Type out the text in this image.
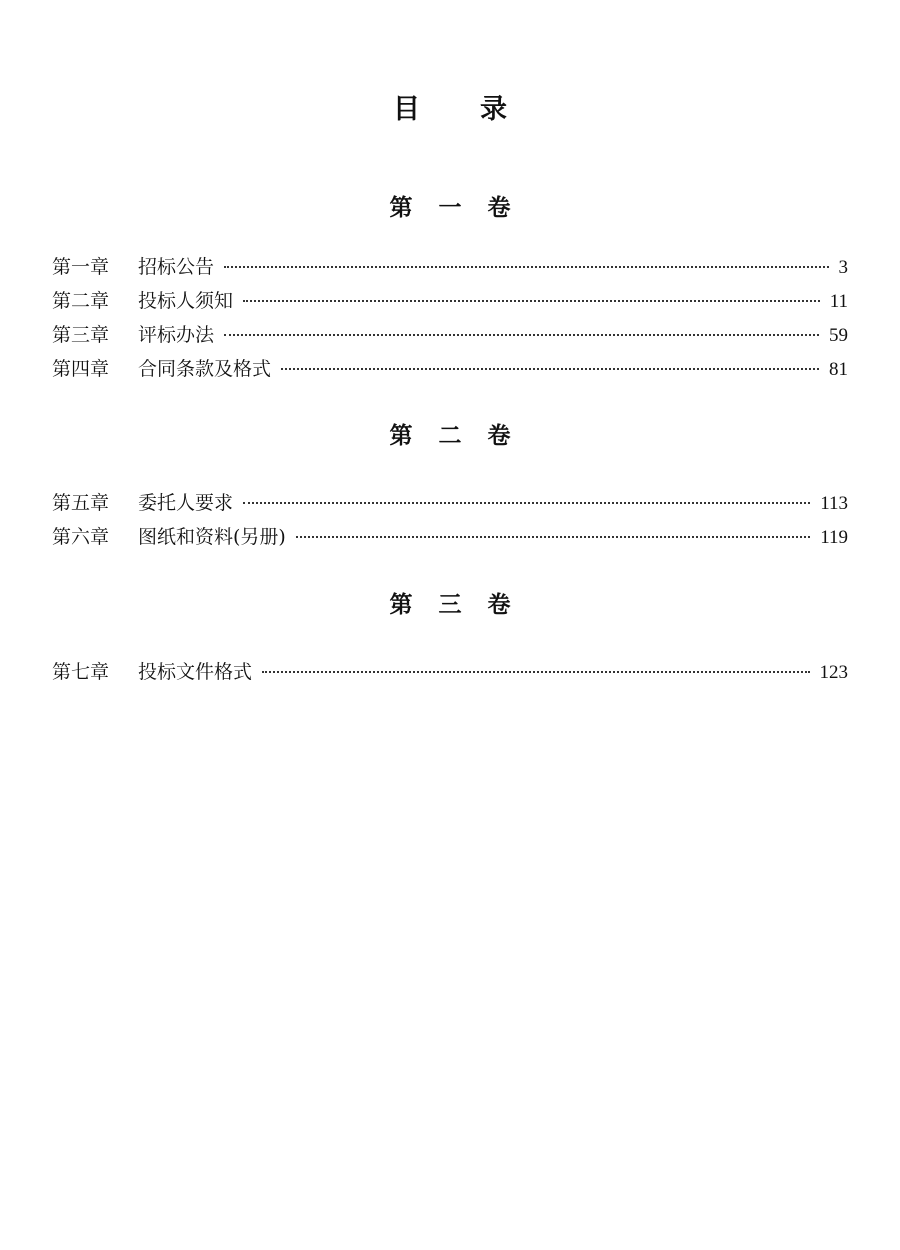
目录
第一卷
第一章	招标公告	3
第二章	投标人须知	11
第三章	评标办法	59
第四章	合同条款及格式	81
第二卷
第五章	委托人要求	113
第六章	图纸和资料(另册)	119
第三卷
第七章	投标文件格式	123
